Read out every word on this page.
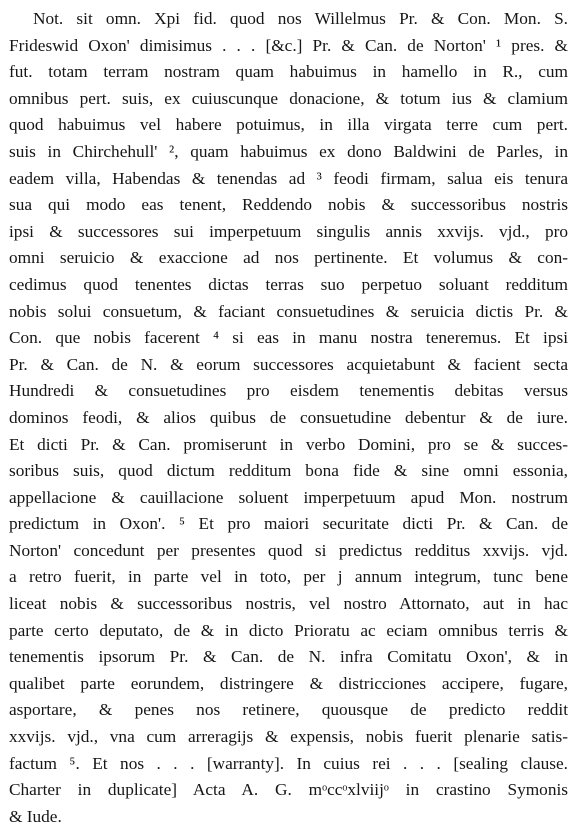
Not. sit omn. Xpi fid. quod nos Willelmus Pr. & Con. Mon. S.
Frideswid Oxon' dimisimus . . . [&c.] Pr. & Can. de Norton' ¹ pres. &
fut. totam terram nostram quam habuimus in hamello in R., cum
omnibus pert. suis, ex cuiuscunque donacione, & totum ius & clamium
quod habuimus vel habere potuimus, in illa virgata terre cum pert.
suis in Chirchehull' ², quam habuimus ex dono Baldwini de Parles, in
eadem villa, Habendas & tenendas ad ³ feodi firmam, salua eis tenura
sua qui modo eas tenent, Reddendo nobis & successoribus nostris
ipsi & successores sui imperpetuum singulis annis xxvijs. vjd., pro
omni seruicio & exaccione ad nos pertinente. Et volumus & con-
cedimus quod tenentes dictas terras suo perpetuo soluant redditum
nobis solui consuetum, & faciant consuetudines & seruicia dictis Pr. &
Con. que nobis facerent ⁴ si eas in manu nostra teneremus. Et ipsi
Pr. & Can. de N. & eorum successores acquietabunt & facient secta
Hundredi & consuetudines pro eisdem tenementis debitas versus
dominos feodi, & alios quibus de consuetudine debentur & de iure.
Et dicti Pr. & Can. promiserunt in verbo Domini, pro se & succes-
soribus suis, quod dictum redditum bona fide & sine omni essonia,
appellacione & cauillacione soluent imperpetuum apud Mon. nostrum
predictum in Oxon'. ⁵ Et pro maiori securitate dicti Pr. & Can. de
Norton' concedunt per presentes quod si predictus redditus xxvijs. vjd.
a retro fuerit, in parte vel in toto, per j annum integrum, tunc bene
liceat nobis & successoribus nostris, vel nostro Attornato, aut in hac
parte certo deputato, de & in dicto Prioratu ac eciam omnibus terris &
tenementis ipsorum Pr. & Can. de N. infra Comitatu Oxon', & in
qualibet parte eorundem, distringere & districciones accipere, fugare,
asportare, & penes nos retinere, quousque de predicto reddit
xxvijs. vjd., vna cum arreragijs & expensis, nobis fuerit plenarie satis-
factum ⁵. Et nos . . . [warranty]. In cuius rei . . . [sealing clause.
Charter in duplicate] Acta A. G. mᵒccᵒxlviijᵒ in crastino Symonis
& Iude.
